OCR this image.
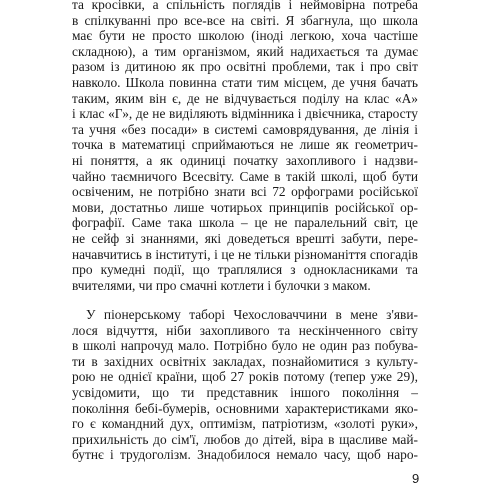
та кросівки, а спільність поглядів і неймовірна потреба
в спілкуванні про все-все на світі. Я збагнула, що школа
має бути не просто школою (іноді легкою, хоча частіше
складною), а тим організмом, який надихається та думає
разом із дитиною як про освітні проблеми, так і про світ
навколо. Школа повинна стати тим місцем, де учня бачать
таким, яким він є, де не відчувається поділу на клас «А»
і клас «Г», де не виділяють відмінника і двієчника, старосту
та учня «без посади» в системі самоврядування, де лінія і
точка в математиці сприймаються не лише як геометрич-
ні поняття, а як одиниці початку захопливого і надзви-
чайно таємничого Всесвіту. Саме в такій школі, щоб бути
освіченим, не потрібно знати всі 72 орфограми російської
мови, достатньо лише чотирьох принципів російської ор-
фографії. Саме така школа – це не паралельний світ, це
не сейф зі знаннями, які доведеться врешті забути, пере-
начавчитись в інституті, і це не тільки різноманіття спогадів
про кумедні події, що траплялися з однокласниками та
вчителями, чи про смачні котлети і булочки з маком.
У піонерському таборі Чехословаччини в мене з'яви-
лося відчуття, ніби захопливого та нескінченного світу
в школі напрочуд мало. Потрібно було не один раз побува-
ти в західних освітніх закладах, познайомитися з культу-
рою не однієї країни, щоб 27 років потому (тепер уже 29),
усвідомити, що ти представник іншого покоління –
покоління бебі-бумерів, основними характеристиками яко-
го є командний дух, оптимізм, патріотизм, «золоті руки»,
прихильність до сім'ї, любов до дітей, віра в щасливе май-
бутнє і трудоголізм. Знадобилося немало часу, щоб наро-
9
